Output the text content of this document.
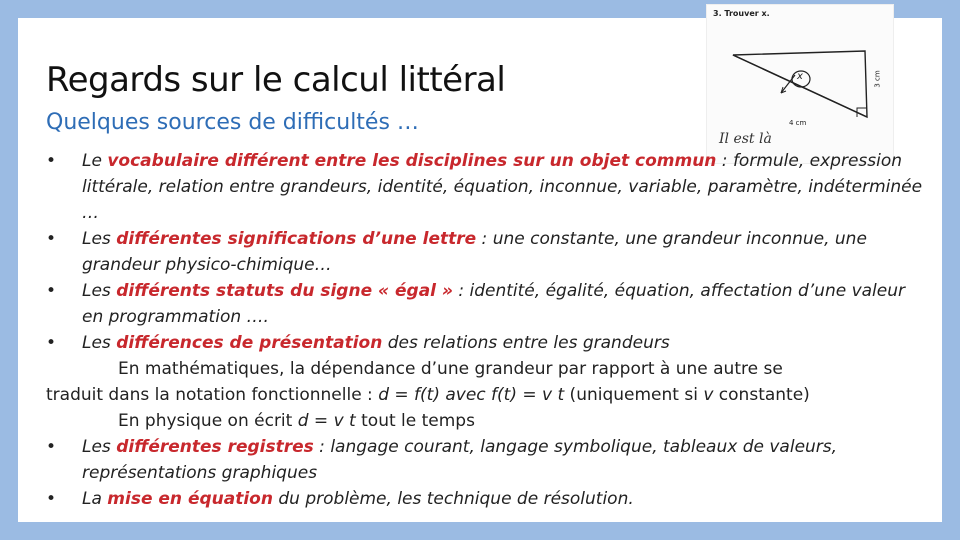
Regards sur le calcul littéral
Quelques sources de difficultés …
3. Trouver x.
x	3 cm
4 cm
Il est là
•	Le vocabulaire différent entre les disciplines sur un objet commun : formule, expression littérale, relation entre grandeurs, identité, équation, inconnue, variable, paramètre, indéterminée …
•	Les différentes significations d’une lettre : une constante, une grandeur inconnue, une grandeur physico-chimique…
•	Les différents statuts du signe « égal » : identité, égalité, équation, affectation d’une valeur en programmation ….
•	Les différences de présentation des relations entre les grandeurs
En mathématiques, la dépendance d’une grandeur par rapport à une autre se
traduit dans la notation fonctionnelle : d = f(t) avec f(t) = v t (uniquement si v constante)
En physique on écrit d = v t tout le temps
•	Les différentes registres : langage courant, langage symbolique, tableaux de valeurs, représentations graphiques
•	La mise en équation du problème, les technique de résolution.
